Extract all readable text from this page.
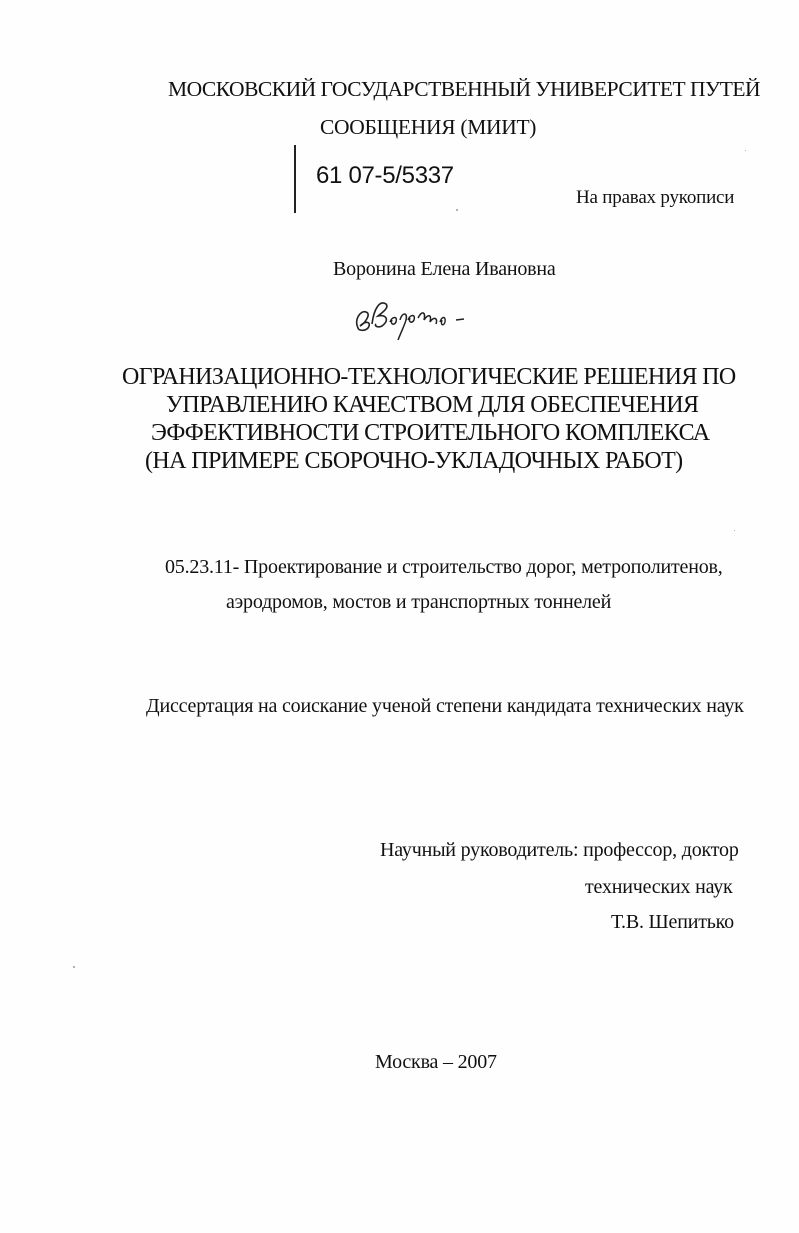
МОСКОВСКИЙ ГОСУДАРСТВЕННЫЙ УНИВЕРСИТЕТ ПУТЕЙ
СООБЩЕНИЯ (МИИТ)
61 07-5/5337
На правах рукописи
Воронина Елена Ивановна
ОГРАНИЗАЦИОННО-ТЕХНОЛОГИЧЕСКИЕ РЕШЕНИЯ ПО
УПРАВЛЕНИЮ КАЧЕСТВОМ ДЛЯ ОБЕСПЕЧЕНИЯ
ЭФФЕКТИВНОСТИ СТРОИТЕЛЬНОГО КОМПЛЕКСА
(НА ПРИМЕРЕ СБОРОЧНО-УКЛАДОЧНЫХ РАБОТ)
05.23.11- Проектирование и строительство дорог, метрополитенов,
аэродромов, мостов и транспортных тоннелей
Диссертация на соискание ученой степени кандидата технических наук
Научный руководитель: профессор, доктор
технических наук
Т.В. Шепитько
Москва – 2007
